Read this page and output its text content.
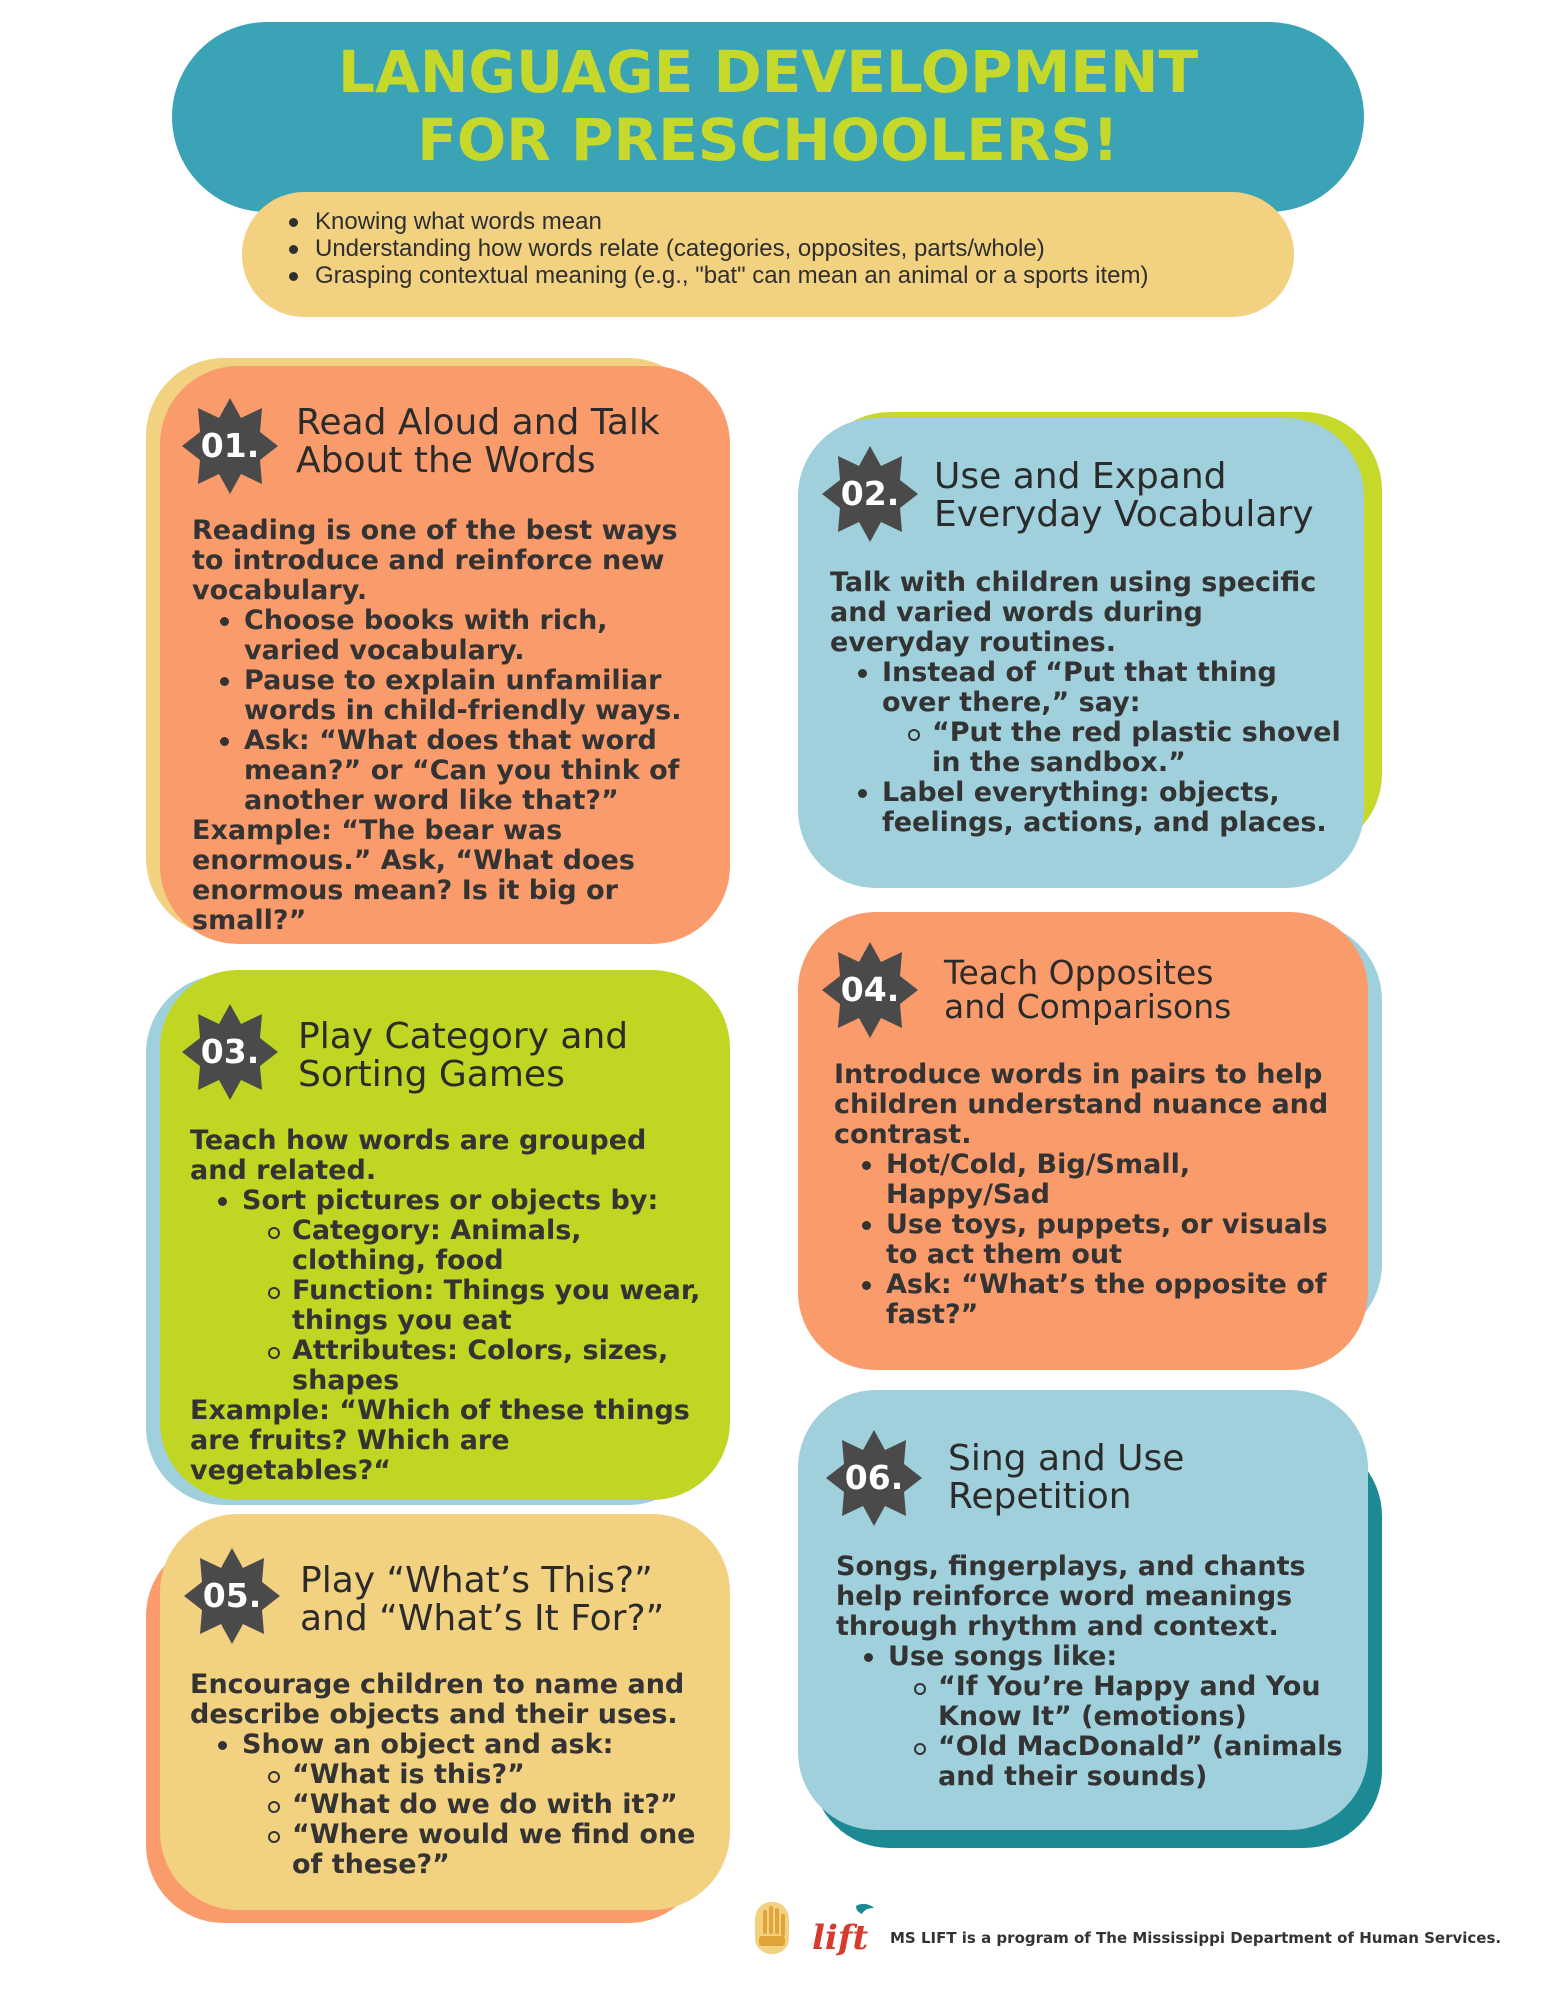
LANGUAGE DEVELOPMENT
FOR PRESCHOOLERS!
Knowing what words mean
Understanding how words relate (categories, opposites, parts/whole)
Grasping contextual meaning (e.g., "bat" can mean an animal or a sports item)
01.
Read Aloud and Talk
About the Words

Reading is one of the best ways to introduce and reinforce new vocabulary.

Choose books with rich, varied vocabulary.
Pause to explain unfamiliar words in child-friendly ways.
Ask: “What does that word mean?” or “Can you think of another word like that?”

Example: “The bear was enormous.” Ask, “What does enormous mean? Is it big or small?”

02. Use and Expand
Everyday Vocabulary

Talk with children using specific and varied words during everyday routines.

Instead of “Put that thing over there,” say:
“Put the red plastic shovel in the sandbox.”
Label everything: objects, feelings, actions, and places.
03.	Play Category and
Sorting Games

Teach how words are grouped and related.

Sort pictures or objects by:
Category: Animals, clothing, food
Function: Things you wear, things you eat
Attributes: Colors, sizes, shapes

Example: “Which of these things are fruits? Which are vegetables?“

04.	Teach Opposites
and Comparisons

Introduce words in pairs to help children understand nuance and contrast.

Hot/Cold, Big/Small, Happy/Sad
Use toys, puppets, or visuals to act them out
Ask: “What’s the opposite of fast?”
05.	Play “What’s This?”
and “What’s It For?”

Encourage children to name and describe objects and their uses.

Show an object and ask:
“What is this?”
“What do we do with it?”
“Where would we find one of these?”
06.	Sing and Use
Repetition

Songs, fingerplays, and chants help reinforce word meanings through rhythm and context.

Use songs like:
“If You’re Happy and You Know It” (emotions)
“Old MacDonald” (animals and their sounds)
lift MS LIFT is a program of The Mississippi Department of Human Services.
